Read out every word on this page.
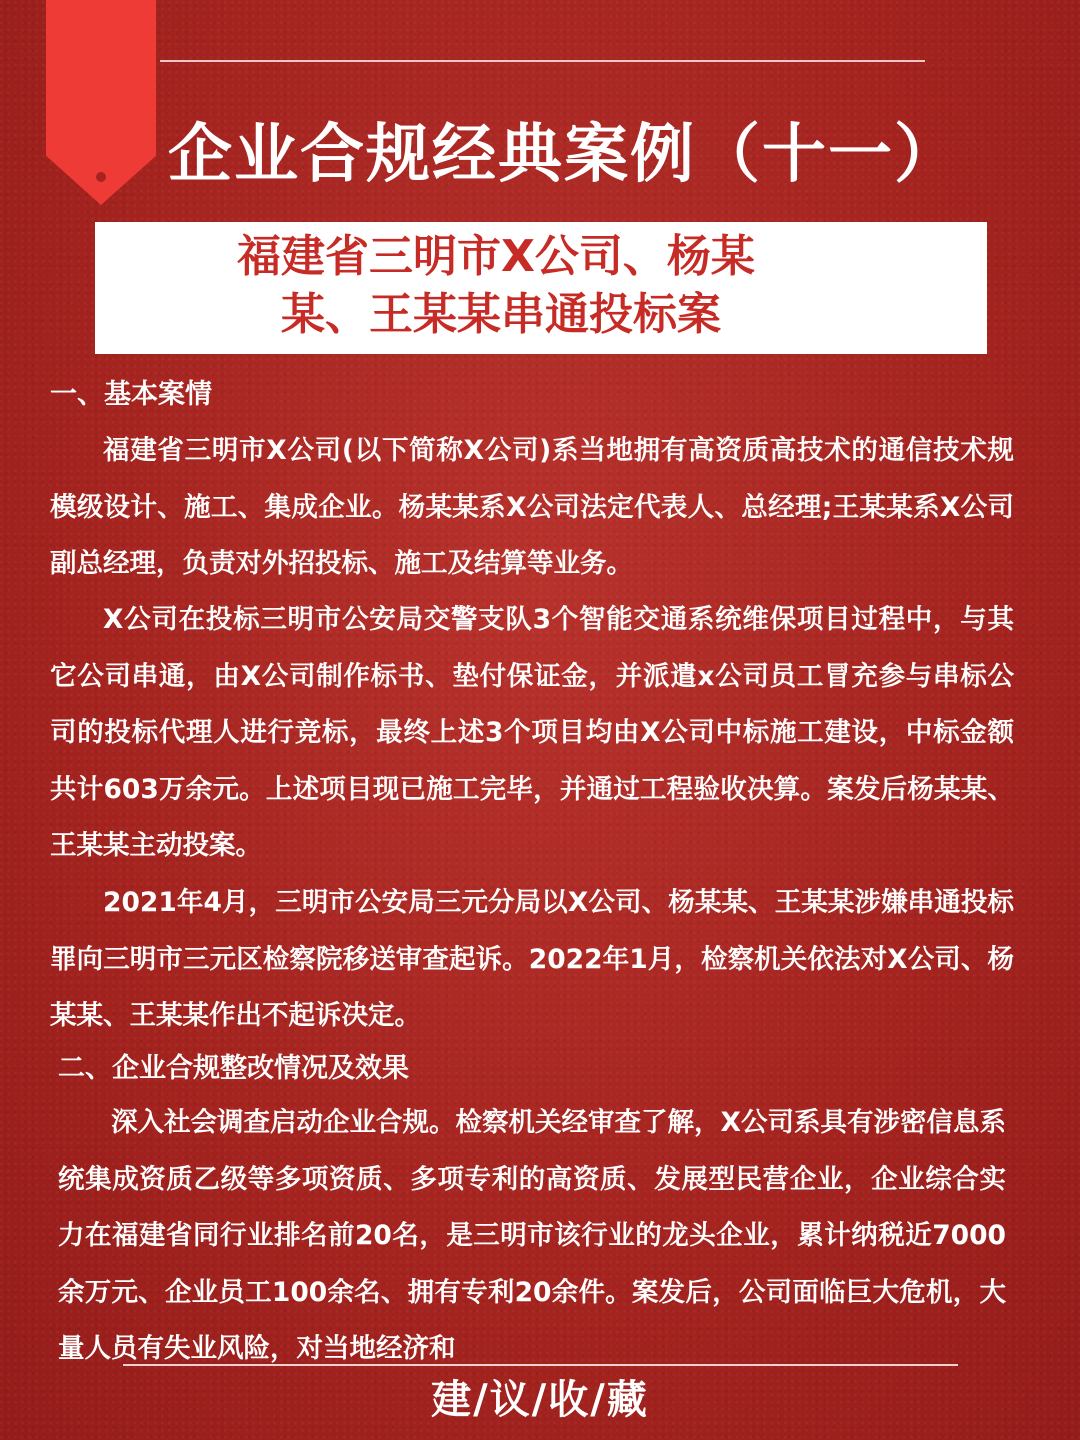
企业合规经典案例（十一）
福建省三明市X公司、杨某
某、王某某串通投标案
一、基本案情

福建省三明市X公司(以下简称X公司)系当地拥有高资质高技术的通信技术规模级设计、施工、集成企业。杨某某系X公司法定代表人、总经理;王某某系X公司副总经理，负责对外招投标、施工及结算等业务。

X公司在投标三明市公安局交警支队3个智能交通系统维保项目过程中，与其它公司串通，由X公司制作标书、垫付保证金，并派遣x公司员工冒充参与串标公司的投标代理人进行竞标，最终上述3个项目均由X公司中标施工建设，中标金额共计603万余元。上述项目现已施工完毕，并通过工程验收决算。案发后杨某某、王某某主动投案。

2021年4月，三明市公安局三元分局以X公司、杨某某、王某某涉嫌串通投标罪向三明市三元区检察院移送审查起诉。2022年1月，检察机关依法对X公司、杨某某、王某某作出不起诉决定。

二、企业合规整改情况及效果

深入社会调查启动企业合规。检察机关经审查了解，X公司系具有涉密信息系统集成资质乙级等多项资质、多项专利的高资质、发展型民营企业，企业综合实力在福建省同行业排名前20名，是三明市该行业的龙头企业，累计纳税近7000余万元、企业员工100余名、拥有专利20余件。案发后，公司面临巨大危机，大量人员有失业风险，对当地经济和

建/议/收/藏
